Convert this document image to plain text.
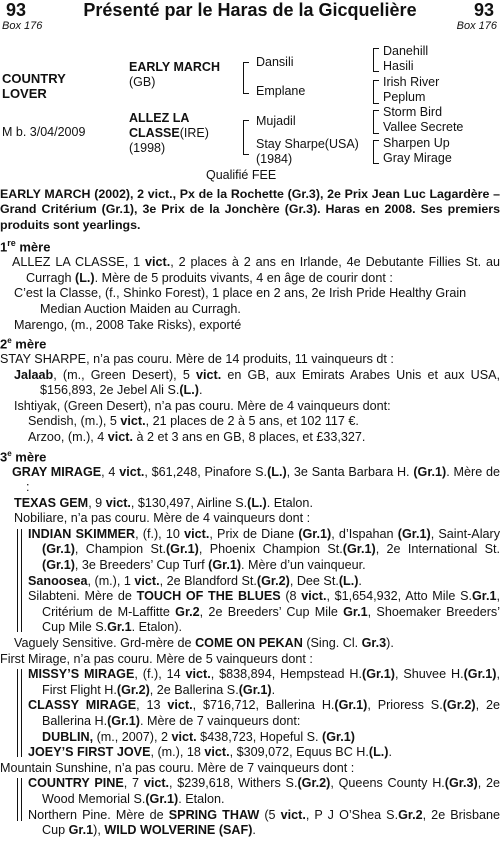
93	Présenté par le Haras de la Gicquelière	93
Box 176	Box 176
COUNTRY
LOVER
M b. 3/04/2009
EARLY MARCH
(GB)
ALLEZ LA
CLASSE(IRE)
(1998)
Dansili
Emplane
Mujadil
Stay Sharpe(USA)
(1984)
Danehill
Hasili
Irish River
Peplum
Storm Bird
Vallee Secrete
Sharpen Up
Gray Mirage
Qualifié FEE

EARLY MARCH (2002), 2 vict., Px de la Rochette (Gr.3), 2e Prix Jean Luc Lagardère – Grand Critérium (Gr.1), 3e Prix de la Jonchère (Gr.3). Haras en 2008. Ses premiers produits sont yearlings.

1re mère

ALLEZ LA CLASSE, 1 vict., 2 places à 2 ans en Irlande, 4e Debutante Fillies St. au Curragh (L.). Mère de 5 produits vivants, 4 en âge de courir dont :

C’est la Classe, (f., Shinko Forest), 1 place en 2 ans, 2e Irish Pride Healthy Grain Median Auction Maiden au Curragh.

Marengo, (m., 2008 Take Risks), exporté

2e mère

STAY SHARPE, n’a pas couru. Mère de 14 produits, 11 vainqueurs dt :

Jalaab, (m., Green Desert), 5 vict. en GB, aux Emirats Arabes Unis et aux USA, $156,893, 2e Jebel Ali S.(L.).

Ishtiyak, (Green Desert), n’a pas couru. Mère de 4 vainqueurs dont:

Sendish, (m.), 5 vict., 21 places de 2 à 5 ans, et 102 117 €.

Arzoo, (m.), 4 vict. à 2 et 3 ans en GB, 8 places, et £33,327.

3e mère

GRAY MIRAGE, 4 vict., $61,248, Pinafore S.(L.), 3e Santa Barbara H. (Gr.1). Mère de :

TEXAS GEM, 9 vict., $130,497, Airline S.(L.). Etalon.

Nobiliare, n’a pas couru. Mère de 4 vainqueurs dont :

INDIAN SKIMMER, (f.), 10 vict., Prix de Diane (Gr.1), d’Ispahan (Gr.1), Saint-Alary (Gr.1), Champion St.(Gr.1), Phoenix Champion St.(Gr.1), 2e International St.(Gr.1), 3e Breeders’ Cup Turf (Gr.1). Mère d’un vainqueur.

Sanoosea, (m.), 1 vict., 2e Blandford St.(Gr.2), Dee St.(L.).

Silabteni. Mère de TOUCH OF THE BLUES (8 vict., $1,654,932, Atto Mile S.Gr.1, Critérium de M-Laffitte Gr.2, 2e Breeders’ Cup Mile Gr.1, Shoemaker Breeders’ Cup Mile S.Gr.1. Etalon).

Vaguely Sensitive. Grd-mère de COME ON PEKAN (Sing. Cl. Gr.3).

First Mirage, n’a pas couru. Mère de 5 vainqueurs dont :

MISSY’S MIRAGE, (f.), 14 vict., $838,894, Hempstead H.(Gr.1), Shuvee H.(Gr.1), First Flight H.(Gr.2), 2e Ballerina S.(Gr.1).

CLASSY MIRAGE, 13 vict., $716,712, Ballerina H.(Gr.1), Prioress S.(Gr.2), 2e Ballerina H.(Gr.1). Mère de 7 vainqueurs dont:

DUBLIN, (m., 2007), 2 vict. $438,723, Hopeful S. (Gr.1)

JOEY’S FIRST JOVE, (m.), 18 vict., $309,072, Equus BC H.(L.).

Mountain Sunshine, n’a pas couru. Mère de 7 vainqueurs dont :

COUNTRY PINE, 7 vict., $239,618, Withers S.(Gr.2), Queens County H.(Gr.3), 2e Wood Memorial S.(Gr.1). Etalon.

Northern Pine. Mère de SPRING THAW (5 vict., P J O’Shea S.Gr.2, 2e Brisbane Cup Gr.1), WILD WOLVERINE (SAF).
